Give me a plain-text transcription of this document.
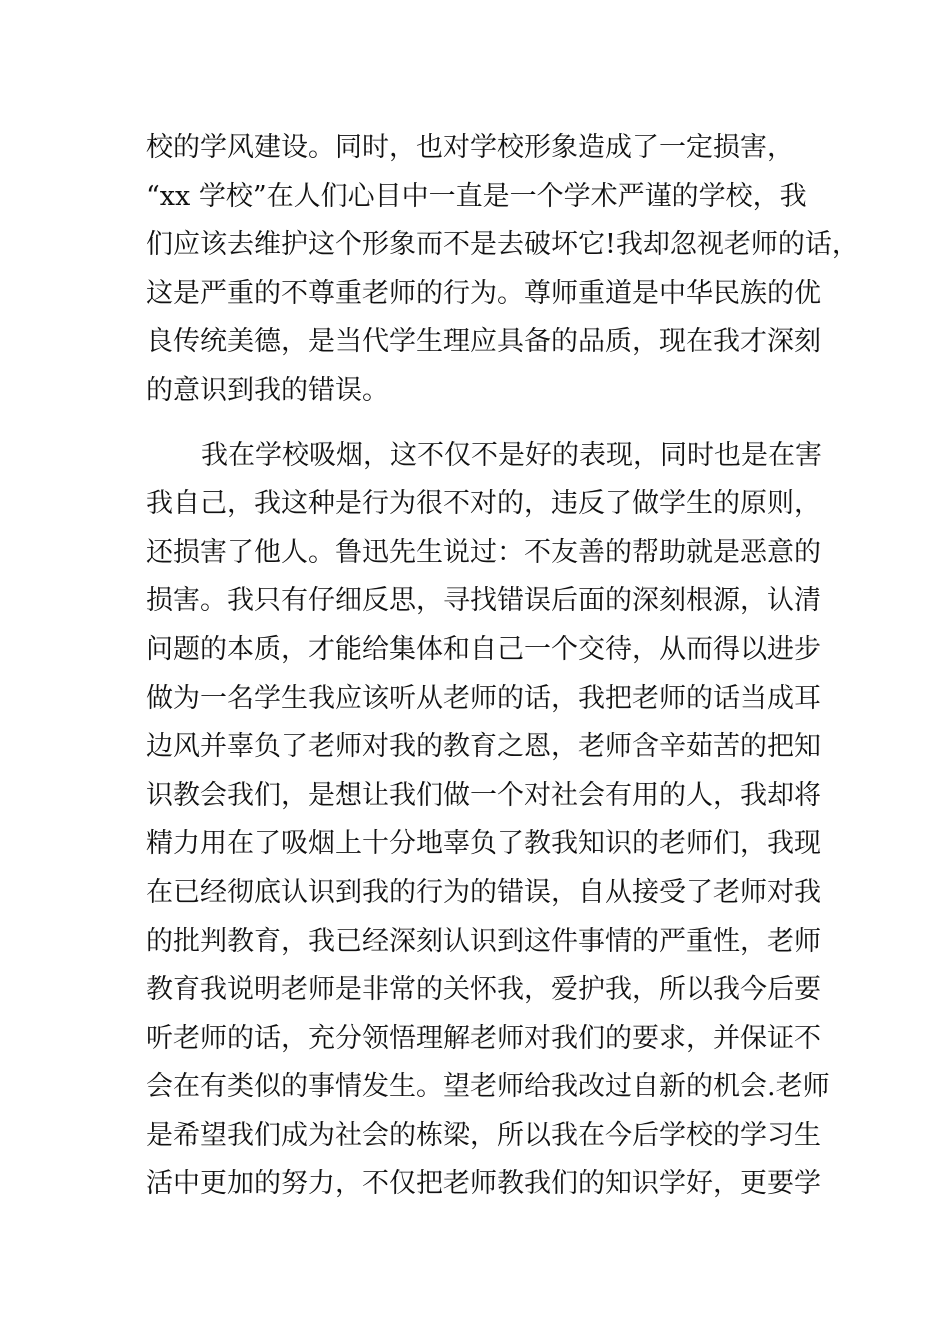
校的学风建设。同时，也对学校形象造成了一定损害，
“xx 学校”在人们心目中一直是一个学术严谨的学校，我
们应该去维护这个形象而不是去破坏它!我却忽视老师的话，
这是严重的不尊重老师的行为。尊师重道是中华民族的优
良传统美德，是当代学生理应具备的品质，现在我才深刻
的意识到我的错误。
我在学校吸烟，这不仅不是好的表现，同时也是在害
我自己，我这种是行为很不对的，违反了做学生的原则，
还损害了他人。鲁迅先生说过：不友善的帮助就是恶意的
损害。我只有仔细反思，寻找错误后面的深刻根源，认清
问题的本质，才能给集体和自己一个交待，从而得以进步
做为一名学生我应该听从老师的话，我把老师的话当成耳
边风并辜负了老师对我的教育之恩，老师含辛茹苦的把知
识教会我们，是想让我们做一个对社会有用的人，我却将
精力用在了吸烟上十分地辜负了教我知识的老师们，我现
在已经彻底认识到我的行为的错误，自从接受了老师对我
的批判教育，我已经深刻认识到这件事情的严重性，老师
教育我说明老师是非常的关怀我，爱护我，所以我今后要
听老师的话，充分领悟理解老师对我们的要求，并保证不
会在有类似的事情发生。望老师给我改过自新的机会.老师
是希望我们成为社会的栋梁，所以我在今后学校的学习生
活中更加的努力，不仅把老师教我们的知识学好，更要学
